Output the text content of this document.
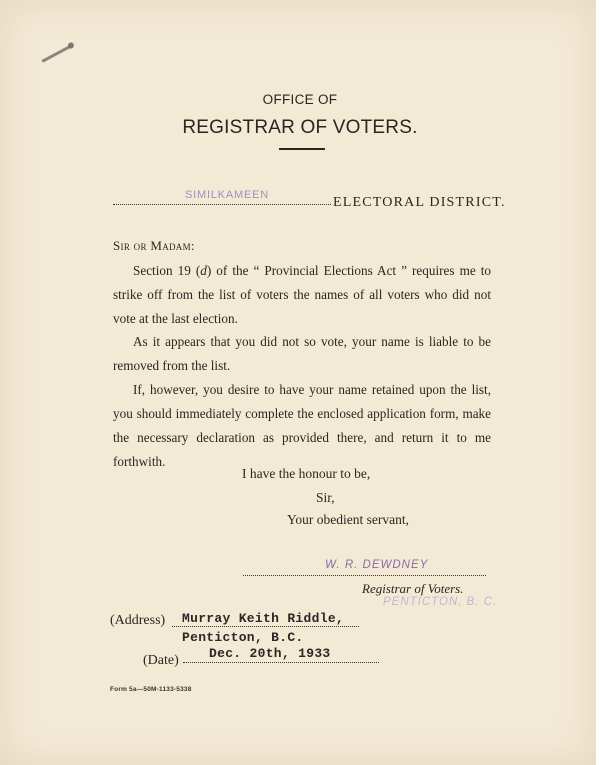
OFFICE OF
REGISTRAR OF VOTERS.
SIMILKAMEEN	ELECTORAL DISTRICT.
Sir or Madam:
Section 19 (d) of the “ Provincial Elections Act ” requires me to strike off from the list of voters the names of all voters who did not vote at the last election.
As it appears that you did not so vote, your name is liable to be removed from the list.
If, however, you desire to have your name retained upon the list, you should immediately complete the enclosed application form, make the necessary declaration as provided there, and return it to me forthwith.
I have the honour to be,
Sir,
Your obedient servant,
W. R. DEWDNEY
Registrar of Voters.
PENTICTON, B. C.
(Address) Murray Keith Riddle,
Penticton, B.C.
(Date) Dec. 20th, 1933
Form 5a—50M-1133-5338
